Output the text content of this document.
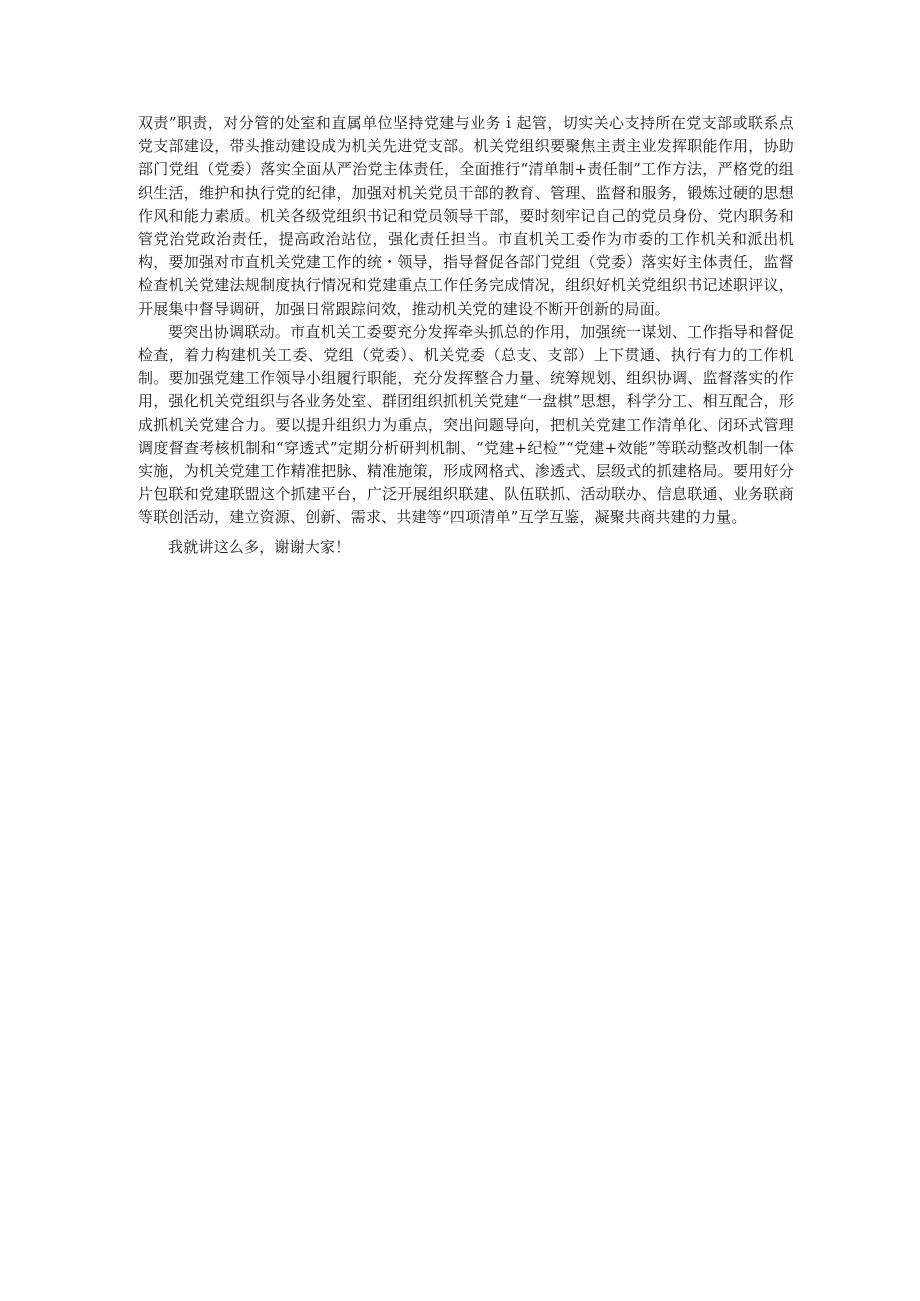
双责”职责，对分管的处室和直属单位坚持党建与业务ｉ起管，切实关心支持所在党支部或联系点党支部建设，带头推动建设成为机关先进党支部。机关党组织要聚焦主责主业发挥职能作用，协助部门党组（党委）落实全面从严治党主体责任，全面推行“清单制+责任制”工作方法，严格党的组织生活，维护和执行党的纪律，加强对机关党员干部的教育、管理、监督和服务，锻炼过硬的思想作风和能力素质。机关各级党组织书记和党员领导干部，要时刻牢记自己的党员身份、党内职务和管党治党政治责任，提高政治站位，强化责任担当。市直机关工委作为市委的工作机关和派出机构，要加强对市直机关党建工作的统・领导，指导督促各部门党组（党委）落实好主体责任，监督检查机关党建法规制度执行情况和党建重点工作任务完成情况，组织好机关党组织书记述职评议，开展集中督导调研，加强日常跟踪问效，推动机关党的建设不断开创新的局面。

要突出协调联动。市直机关工委要充分发挥牵头抓总的作用，加强统一谋划、工作指导和督促检查，着力构建机关工委、党组（党委）、机关党委（总支、支部）上下贯通、执行有力的工作机制。要加强党建工作领导小组履行职能，充分发挥整合力量、统筹规划、组织协调、监督落实的作用，强化机关党组织与各业务处室、群团组织抓机关党建“一盘棋”思想，科学分工、相互配合，形成抓机关党建合力。要以提升组织力为重点，突出问题导向，把机关党建工作清单化、闭环式管理调度督查考核机制和“穿透式”定期分析研判机制、“党建+纪检”“党建+效能”等联动整改机制一体实施，为机关党建工作精准把脉、精准施策，形成网格式、渗透式、层级式的抓建格局。要用好分片包联和党建联盟这个抓建平台，广泛开展组织联建、队伍联抓、活动联办、信息联通、业务联商等联创活动，建立资源、创新、需求、共建等“四项清单”互学互鉴，凝聚共商共建的力量。

我就讲这么多，谢谢大家！
